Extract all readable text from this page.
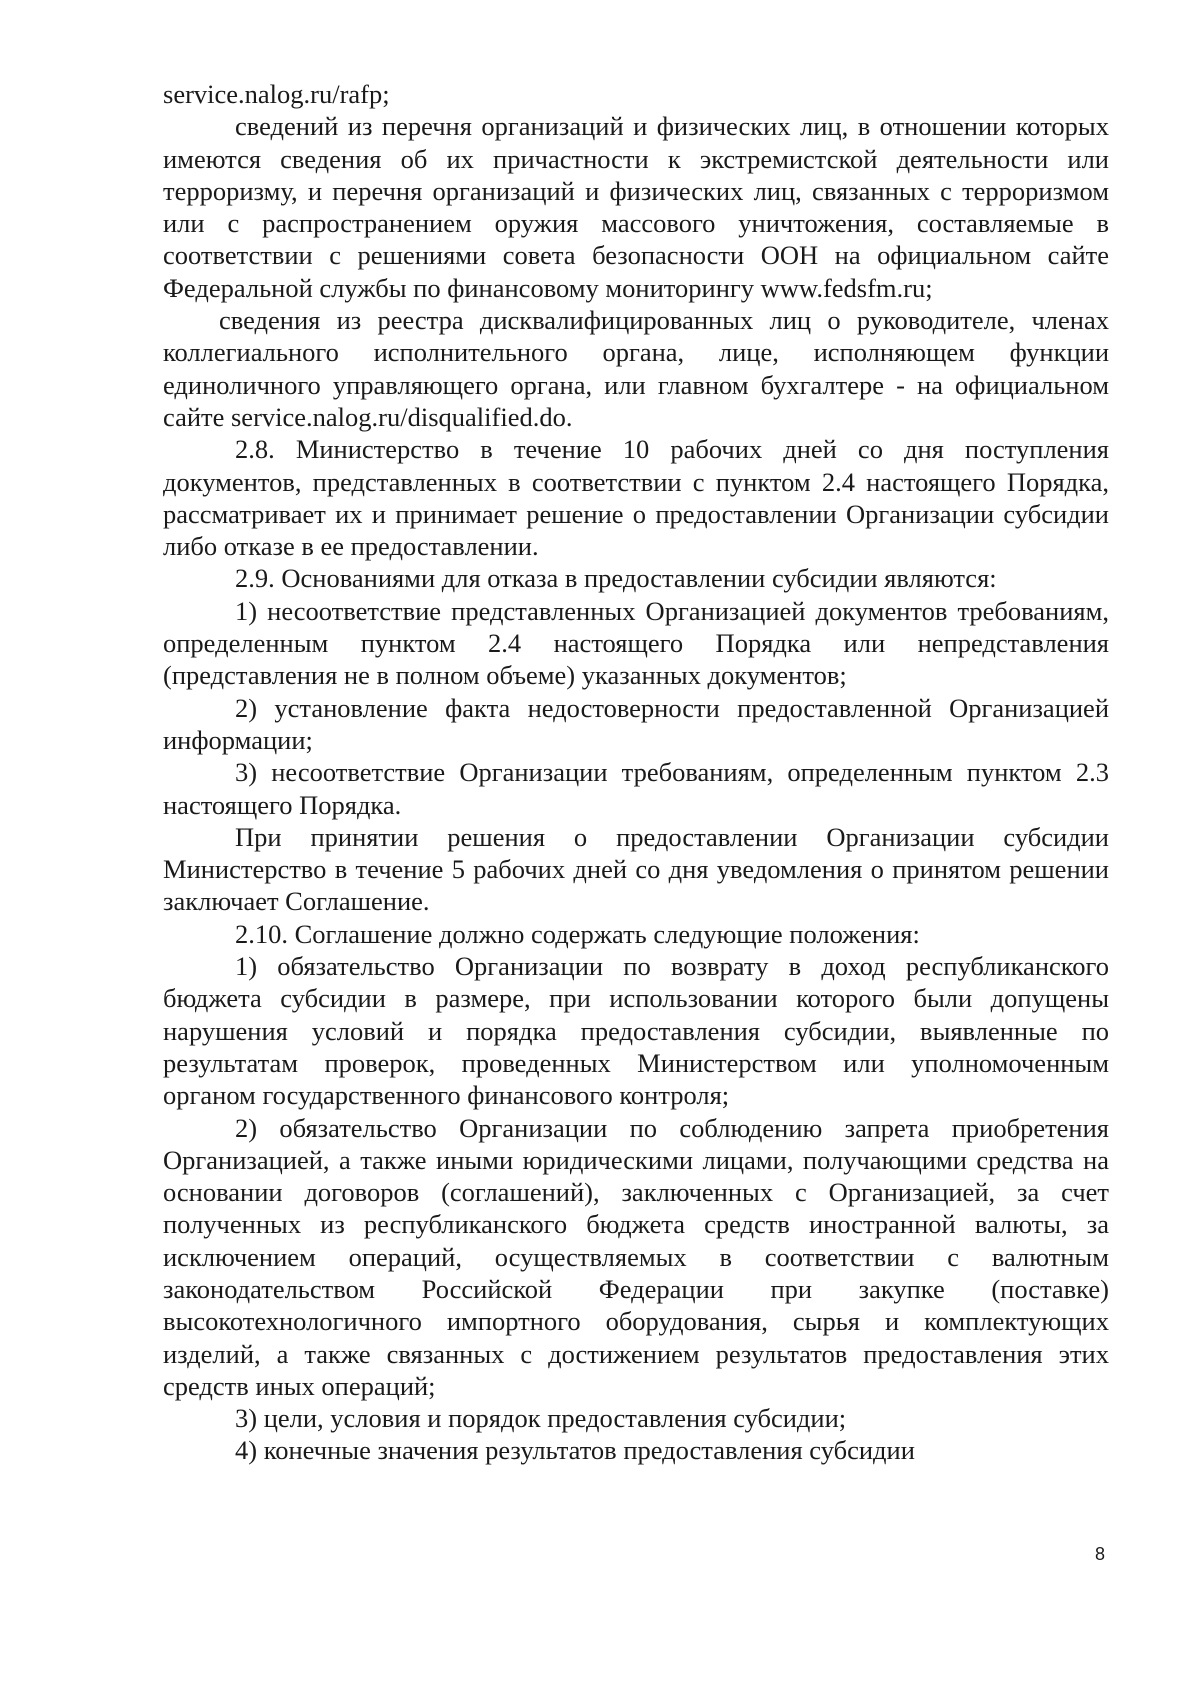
service.nalog.ru/rafp;

сведений из перечня организаций и физических лиц, в отношении которых имеются сведения об их причастности к экстремистской деятельности или терроризму, и перечня организаций и физических лиц, связанных с терроризмом или с распространением оружия массового уничтожения, составляемые в соответствии с решениями совета безопасности ООН на официальном сайте Федеральной службы по финансовому мониторингу www.fedsfm.ru;

сведения из реестра дисквалифицированных лиц о руководителе, членах коллегиального исполнительного органа, лице, исполняющем функции единоличного управляющего органа, или главном бухгалтере - на официальном сайте service.nalog.ru/disqualified.do.

2.8. Министерство в течение 10 рабочих дней со дня поступления документов, представленных в соответствии с пунктом 2.4 настоящего Порядка, рассматривает их и принимает решение о предоставлении Организации субсидии либо отказе в ее предоставлении.

2.9. Основаниями для отказа в предоставлении субсидии являются:

1) несоответствие представленных Организацией документов требованиям, определенным пунктом 2.4 настоящего Порядка или непредставления (представления не в полном объеме) указанных документов;

2) установление факта недостоверности предоставленной Организацией информации;

3) несоответствие Организации требованиям, определенным пунктом 2.3 настоящего Порядка.

При принятии решения о предоставлении Организации субсидии Министерство в течение 5 рабочих дней со дня уведомления о принятом решении заключает Соглашение.

2.10. Соглашение должно содержать следующие положения:

1) обязательство Организации по возврату в доход республиканского бюджета субсидии в размере, при использовании которого были допущены нарушения условий и порядка предоставления субсидии, выявленные по результатам проверок, проведенных Министерством или уполномоченным органом государственного финансового контроля;

2) обязательство Организации по соблюдению запрета приобретения Организацией, а также иными юридическими лицами, получающими средства на основании договоров (соглашений), заключенных с Организацией, за счет полученных из республиканского бюджета средств иностранной валюты, за исключением операций, осуществляемых в соответствии с валютным законодательством Российской Федерации при закупке (поставке) высокотехнологичного импортного оборудования, сырья и комплектующих изделий, а также связанных с достижением результатов предоставления этих средств иных операций;

3) цели, условия и порядок предоставления субсидии;

4) конечные значения результатов предоставления субсидии

8
